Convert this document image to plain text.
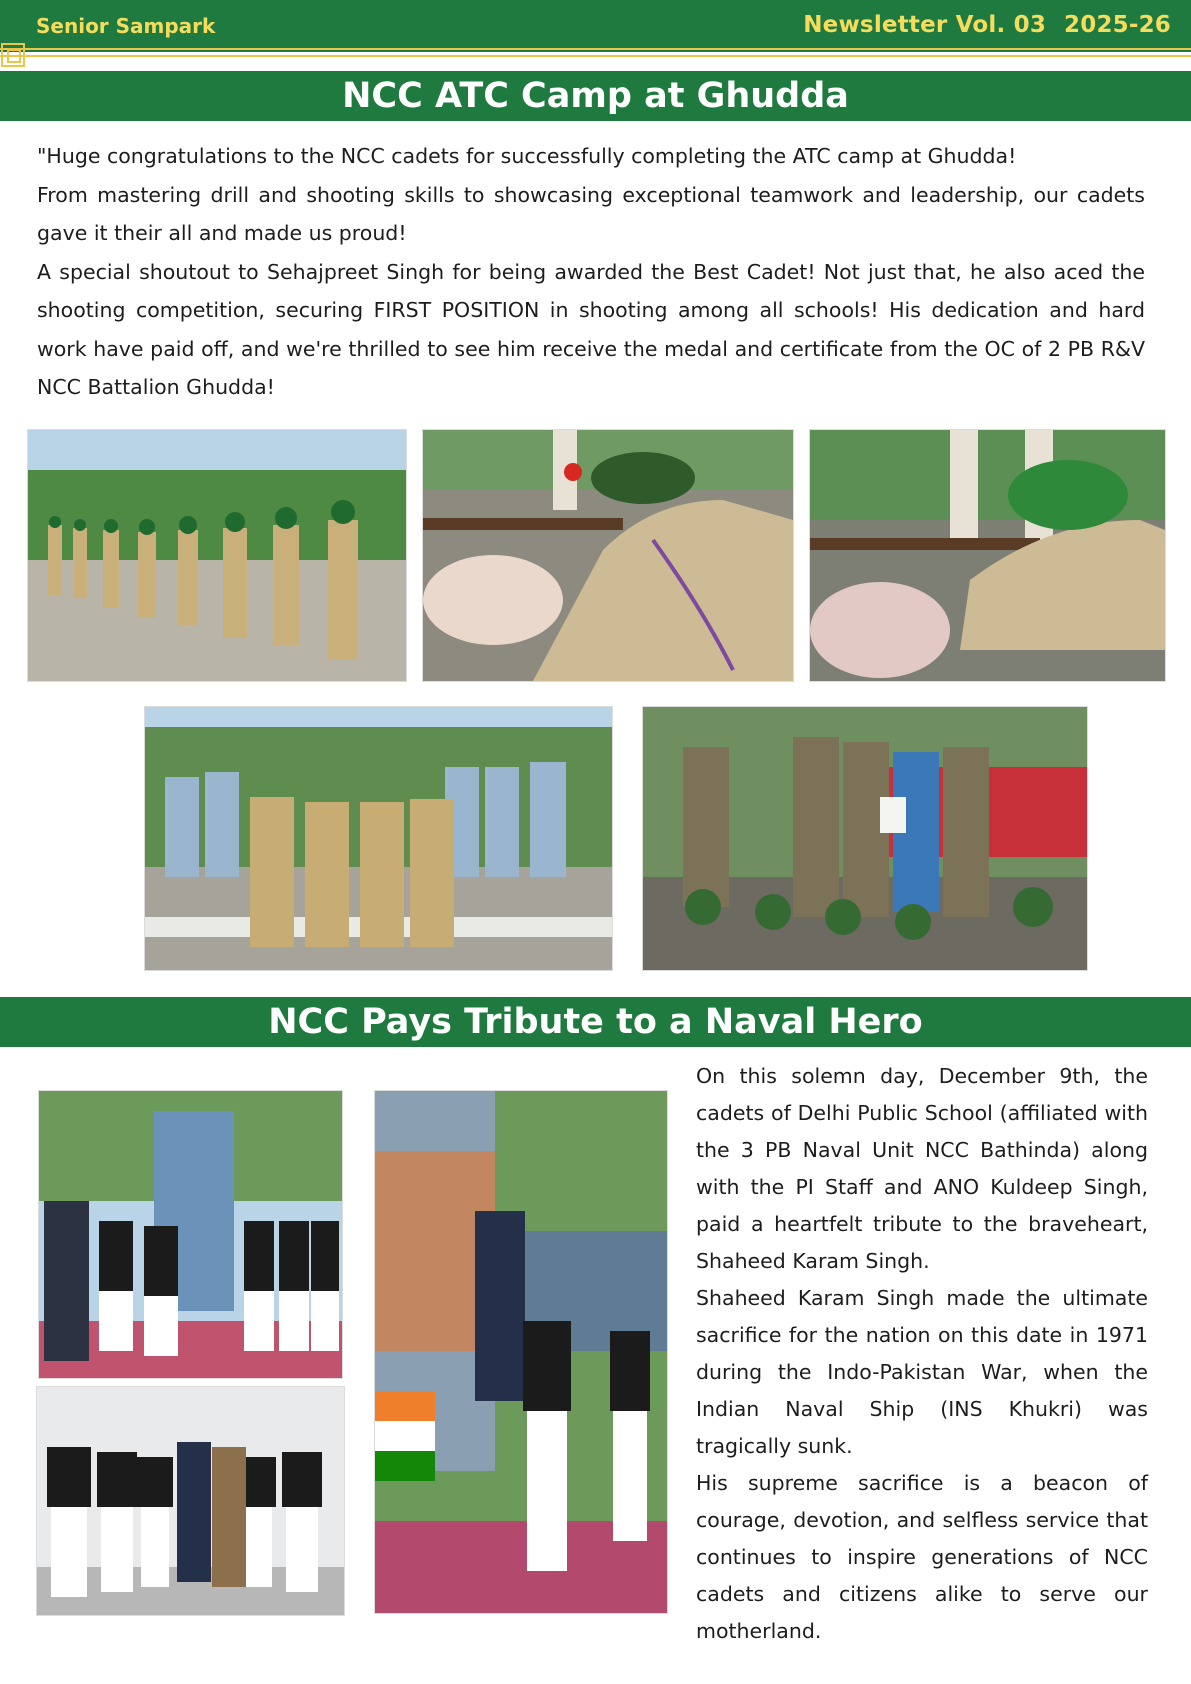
Senior Sampark	Newsletter Vol. 03 2025-26
NCC ATC Camp at Ghudda

"Huge congratulations to the NCC cadets for successfully completing the ATC camp at Ghudda!

From mastering drill and shooting skills to showcasing exceptional teamwork and leadership, our cadets gave it their all and made us proud!

A special shoutout to Sehajpreet Singh for being awarded the Best Cadet! Not just that, he also aced the shooting competition, securing FIRST POSITION in shooting among all schools! His dedication and hard work have paid off, and we're thrilled to see him receive the medal and certificate from the OC of 2 PB R&V NCC Battalion Ghudda!

NCC Pays Tribute to a Naval Hero

On this solemn day, December 9th, the cadets of Delhi Public School (affiliated with the 3 PB Naval Unit NCC Bathinda) along with the PI Staff and ANO Kuldeep Singh, paid a heartfelt tribute to the braveheart, Shaheed Karam Singh.

Shaheed Karam Singh made the ultimate sacrifice for the nation on this date in 1971 during the Indo-Pakistan War, when the Indian Naval Ship (INS Khukri) was tragically sunk.

His supreme sacrifice is a beacon of courage, devotion, and selfless service that continues to inspire generations of NCC cadets and citizens alike to serve our motherland.
